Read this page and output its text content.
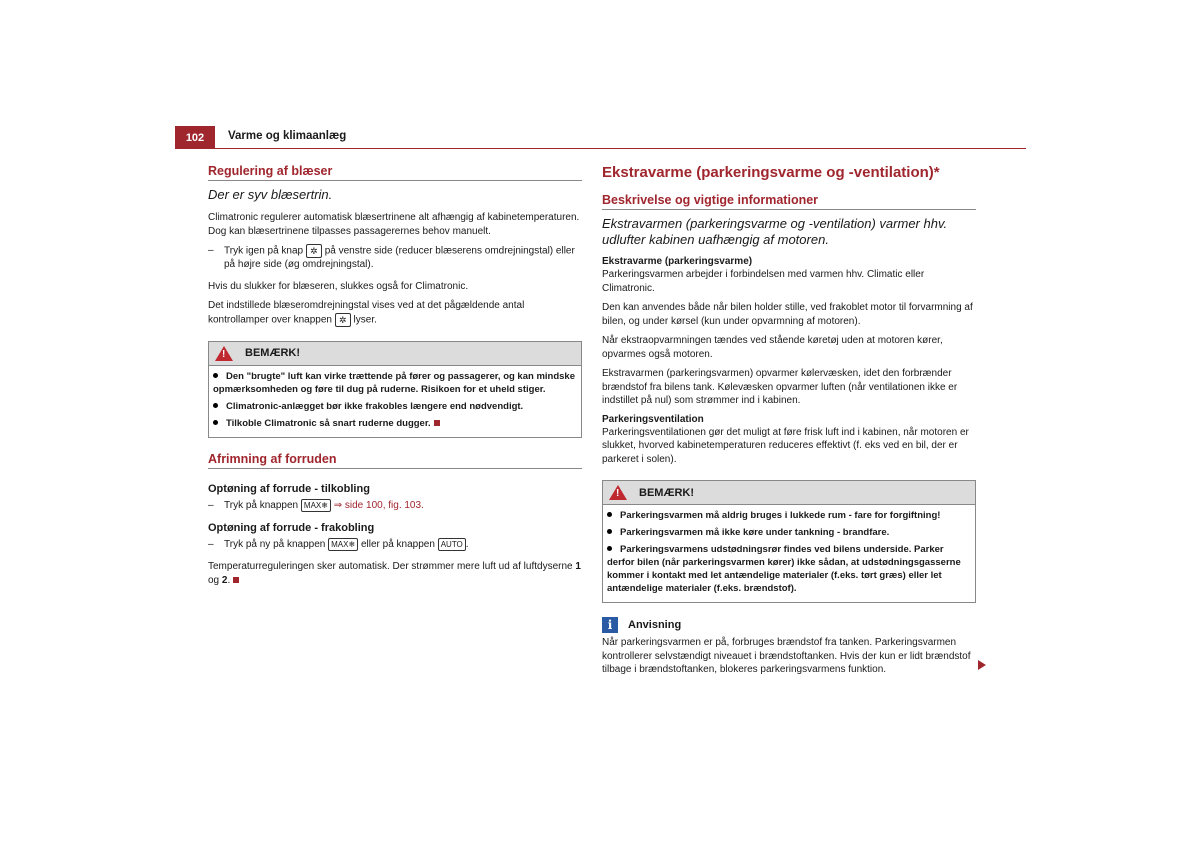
102	Varme og klimaanlæg
Regulering af blæser
Der er syv blæsertrin.

Climatronic regulerer automatisk blæsertrinene alt afhængig af kabinetemperaturen. Dog kan blæsertrinene tilpasses passagerernes behov manuelt.

– Tryk igen på knap ✲ på venstre side (reducer blæserens omdrejningstal) eller på højre side (øg omdrejningstal).

Hvis du slukker for blæseren, slukkes også for Climatronic.

Det indstillede blæseromdrejningstal vises ved at det pågældende antal kontrollamper over knappen ✲ lyser.

! BEMÆRK!
Den "brugte" luft kan virke trættende på fører og passagerer, og kan mindske opmærksomheden og føre til dug på ruderne. Risikoen for et uheld stiger.
Climatronic-anlægget bør ikke frakobles længere end nødvendigt.
Tilkoble Climatronic så snart ruderne dugger.
Afrimning af forruden
Optøning af forrude - tilkobling
– Tryk på knappen MAX❄ ⇒ side 100, fig. 103.
Optøning af forrude - frakobling
– Tryk på ny på knappen MAX❄ eller på knappen AUTO .

Temperaturreguleringen sker automatisk. Der strømmer mere luft ud af luftdyserne 1 og 2.

Ekstravarme (parkeringsvarme og -ventilation)*
Beskrivelse og vigtige informationer
Ekstravarmen (parkeringsvarme og -ventilation) varmer hhv. udlufter kabinen uafhængig af motoren.
Ekstravarme (parkeringsvarme)

Parkeringsvarmen arbejder i forbindelsen med varmen hhv. Climatic eller Climatronic.

Den kan anvendes både når bilen holder stille, ved frakoblet motor til forvarmning af bilen, og under kørsel (kun under opvarmning af motoren).

Når ekstraopvarmningen tændes ved stående køretøj uden at motoren kører, opvarmes også motoren.

Ekstravarmen (parkeringsvarmen) opvarmer kølervæsken, idet den forbrænder brændstof fra bilens tank. Kølevæsken opvarmer luften (når ventilationen ikke er indstillet på nul) som strømmer ind i kabinen.

Parkeringsventilation

Parkeringsventilationen gør det muligt at føre frisk luft ind i kabinen, når motoren er slukket, hvorved kabinetemperaturen reduceres effektivt (f. eks ved en bil, der er parkeret i solen).

! BEMÆRK!
Parkeringsvarmen må aldrig bruges i lukkede rum - fare for forgiftning!
Parkeringsvarmen må ikke køre under tankning - brandfare.
Parkeringsvarmens udstødningsrør findes ved bilens underside. Parker derfor bilen (når parkeringsvarmen kører) ikke sådan, at udstødningsgasserne kommer i kontakt med let antændelige materialer (f.eks. tørt græs) eller let antændelige materialer (f.eks. brændstof).
i	Anvisning

Når parkeringsvarmen er på, forbruges brændstof fra tanken. Parkeringsvarmen kontrollerer selvstændigt niveauet i brændstoftanken. Hvis der kun er lidt brændstof tilbage i brændstoftanken, blokeres parkeringsvarmens funktion.
